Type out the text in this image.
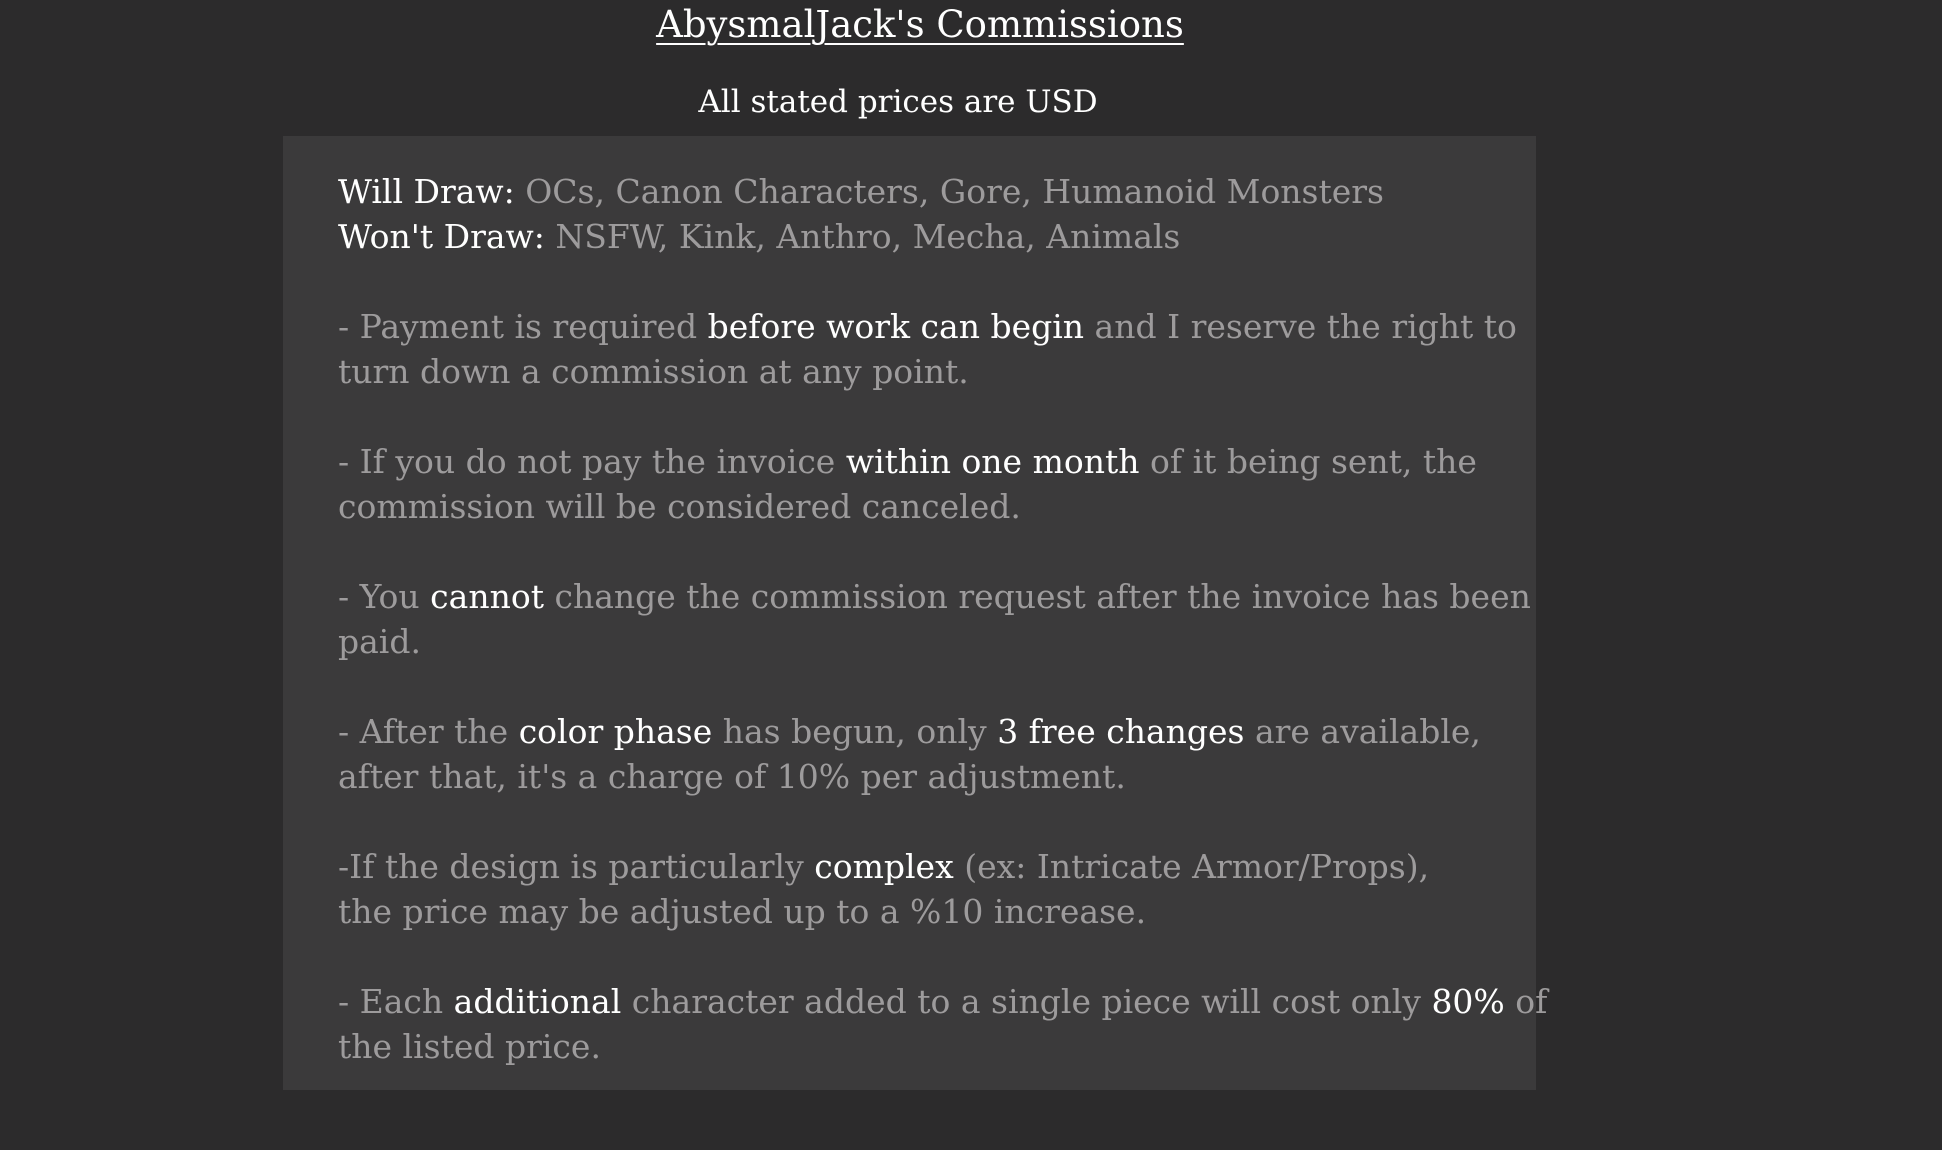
AbysmalJack's Commissions

All stated prices are USD

Will Draw: OCs, Canon Characters, Gore, Humanoid Monsters

Won't Draw: NSFW, Kink, Anthro, Mecha, Animals

- Payment is required before work can begin and I reserve the right to

turn down a commission at any point.

- If you do not pay the invoice within one month of it being sent, the

commission will be considered canceled.

- You cannot change the commission request after the invoice has been

paid.

- After the color phase has begun, only 3 free changes are available,

after that, it's a charge of 10% per adjustment.

-If the design is particularly complex (ex: Intricate Armor/Props),

the price may be adjusted up to a %10 increase.

- Each additional character added to a single piece will cost only 80% of

the listed price.
